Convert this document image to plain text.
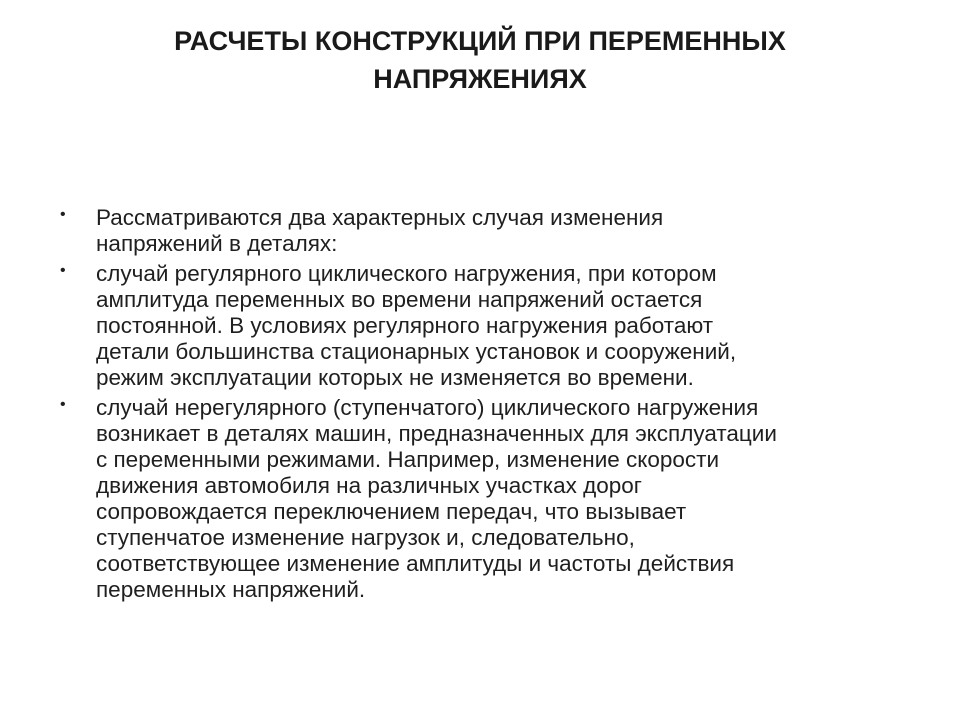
РАСЧЕТЫ КОНСТРУКЦИЙ ПРИ ПЕРЕМЕННЫХ
НАПРЯЖЕНИЯХ
• Рассматриваются два характерных случая изменения
напряжений в деталях:
• случай регулярного циклического нагружения, при котором
амплитуда переменных во времени напряжений остается
постоянной. В условиях регулярного нагружения работают
детали большинства стационарных установок и сооружений,
режим эксплуатации которых не изменяется во времени.
• случай нерегулярного (ступенчатого) циклического нагружения
возникает в деталях машин, предназначенных для эксплуатации
с переменными режимами. Например, изменение скорости
движения автомобиля на различных участках дорог
сопровождается переключением передач, что вызывает
ступенчатое изменение нагрузок и, следовательно,
соответствующее изменение амплитуды и частоты действия
переменных напряжений.
